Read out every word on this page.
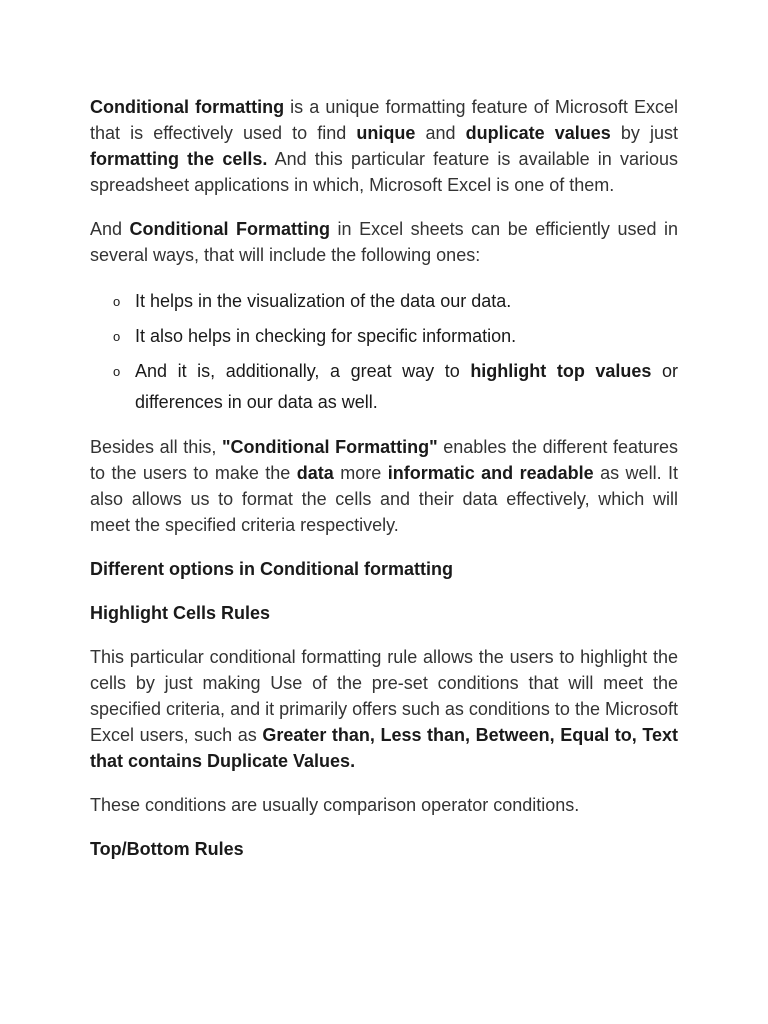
Conditional formatting is a unique formatting feature of Microsoft Excel that is effectively used to find unique and duplicate values by just formatting the cells. And this particular feature is available in various spreadsheet applications in which, Microsoft Excel is one of them.

And Conditional Formatting in Excel sheets can be efficiently used in several ways, that will include the following ones:

o It helps in the visualization of the data our data.
o It also helps in checking for specific information.
o And it is, additionally, a great way to highlight top values or differences in our data as well.

Besides all this, "Conditional Formatting" enables the different features to the users to make the data more informatic and readable as well. It also allows us to format the cells and their data effectively, which will meet the specified criteria respectively.

Different options in Conditional formatting

Highlight Cells Rules

This particular conditional formatting rule allows the users to highlight the cells by just making Use of the pre-set conditions that will meet the specified criteria, and it primarily offers such as conditions to the Microsoft Excel users, such as Greater than, Less than, Between, Equal to, Text that contains Duplicate Values.

These conditions are usually comparison operator conditions.

Top/Bottom Rules
